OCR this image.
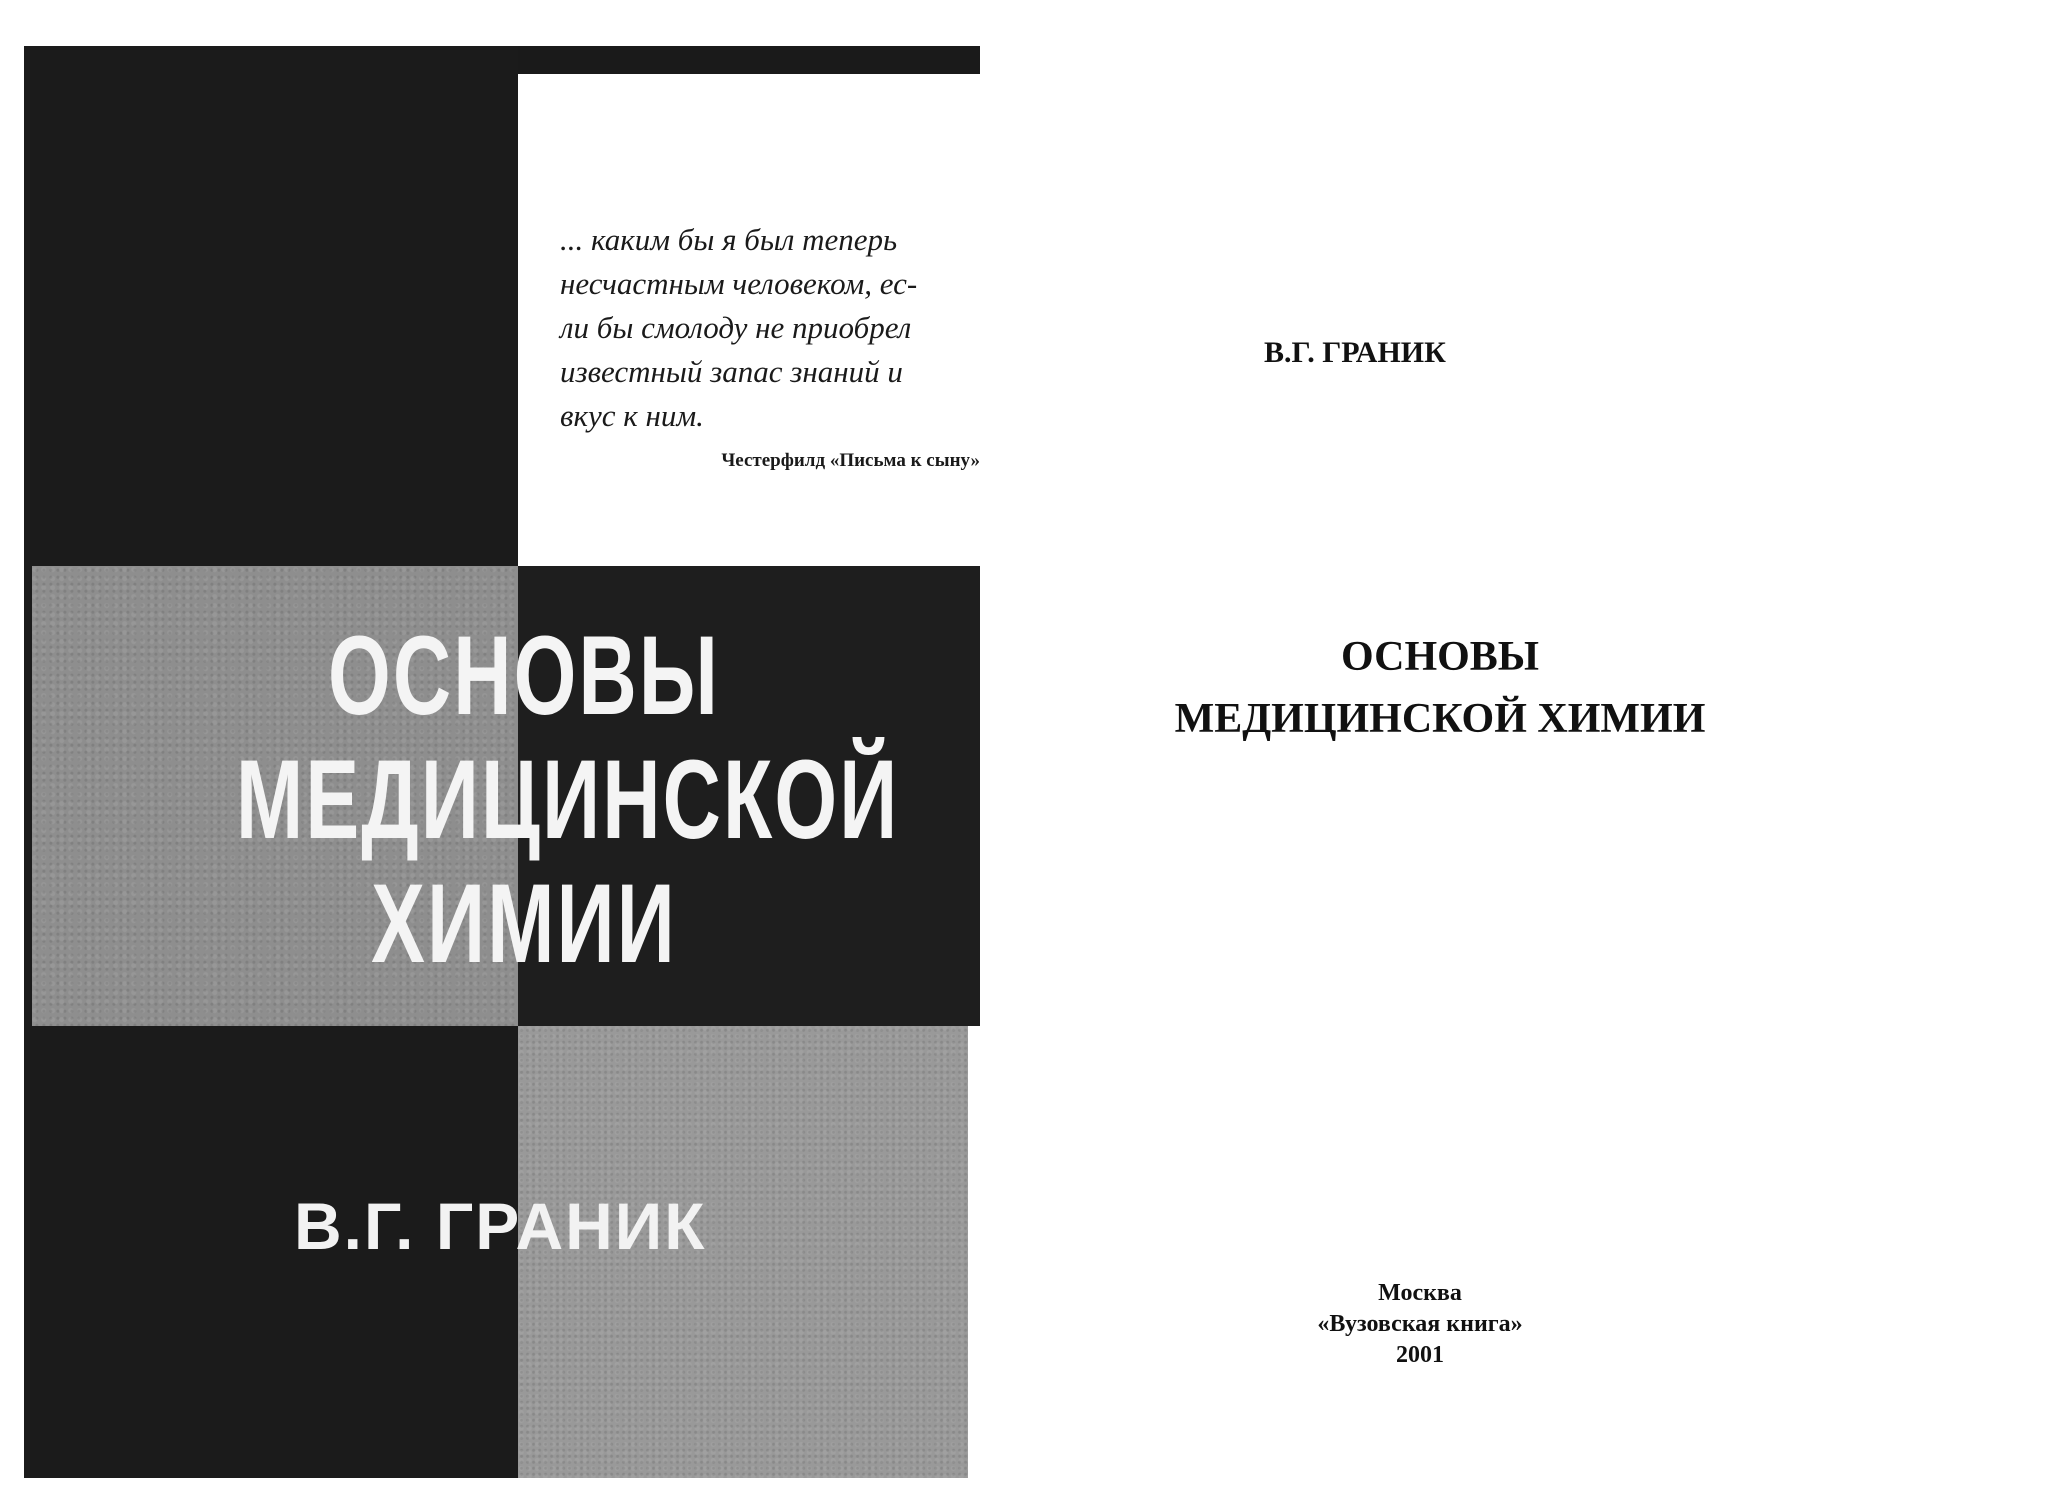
... каким бы я был теперь
несчастным человеком, ес-
ли бы смолоду не приобрел
известный запас знаний и
вкус к ним.

Честерфилд «Письма к сыну»
ОСНОВЫ
МЕДИЦИНСКОЙ
ХИМИИ
В.Г. ГРАНИК
В.Г. ГРАНИК
ОСНОВЫ
МЕДИЦИНСКОЙ ХИМИИ
Москва
«Вузовская книга»
2001
